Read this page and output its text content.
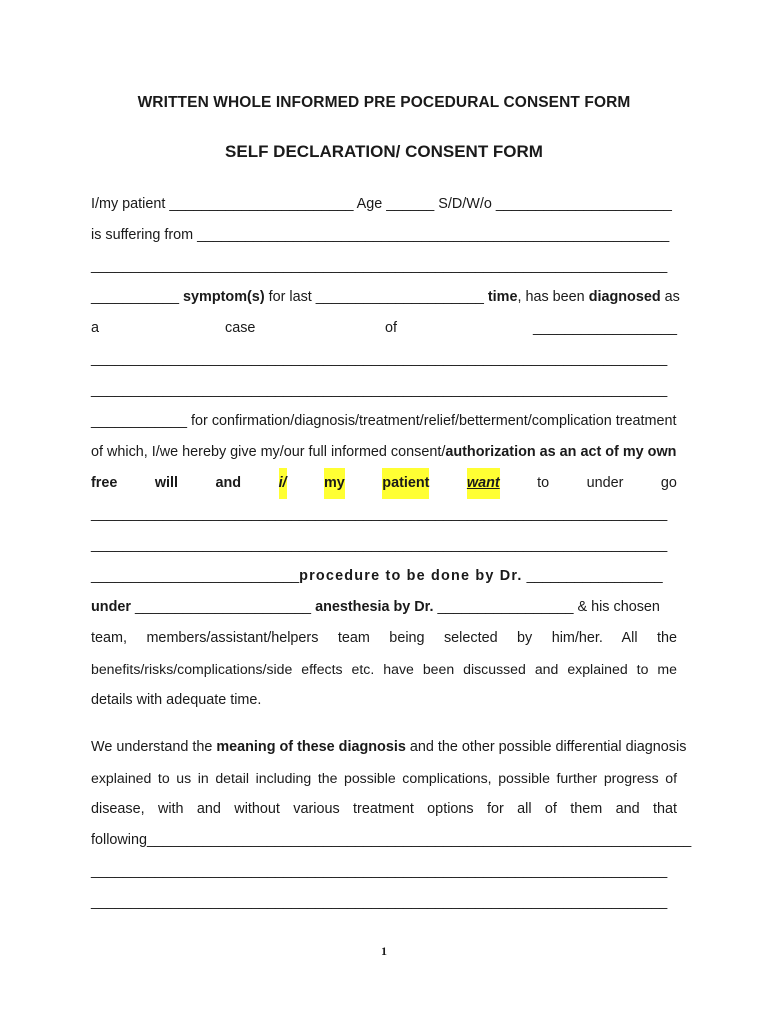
WRITTEN WHOLE INFORMED PRE POCEDURAL CONSENT FORM
SELF DECLARATION/ CONSENT FORM
I/my patient _______________________ Age ______ S/D/W/o ______________________
is suffering from ___________________________________________________________
________________________________________________________________________
___________
symptom(s) for last _____________________ time , has been diagnosed as
a	case	of	__________________
________________________________________________________________________
________________________________________________________________________
____________ for confirmation/diagnosis/treatment/relief/betterment/complication treatment
of which, I/we hereby give my/our full informed consent/ authorization as an act of my own
free	will	and	i/	my	patient	want	to	under	go
________________________________________________________________________
________________________________________________________________________
__________________________ procedure to be done by Dr. _________________
under ______________________ anesthesia by Dr. _________________ & his chosen
team, members/assistant/helpers team being selected by him/her. All the
benefits/risks/complications/side effects etc. have been discussed and explained to me
details with adequate time.
We understand the meaning of these diagnosis and the other possible differential diagnosis
explained to us in detail including the possible complications, possible further progress of
disease, with and without various treatment options for all of them and that
following____________________________________________________________________
________________________________________________________________________
________________________________________________________________________
1
